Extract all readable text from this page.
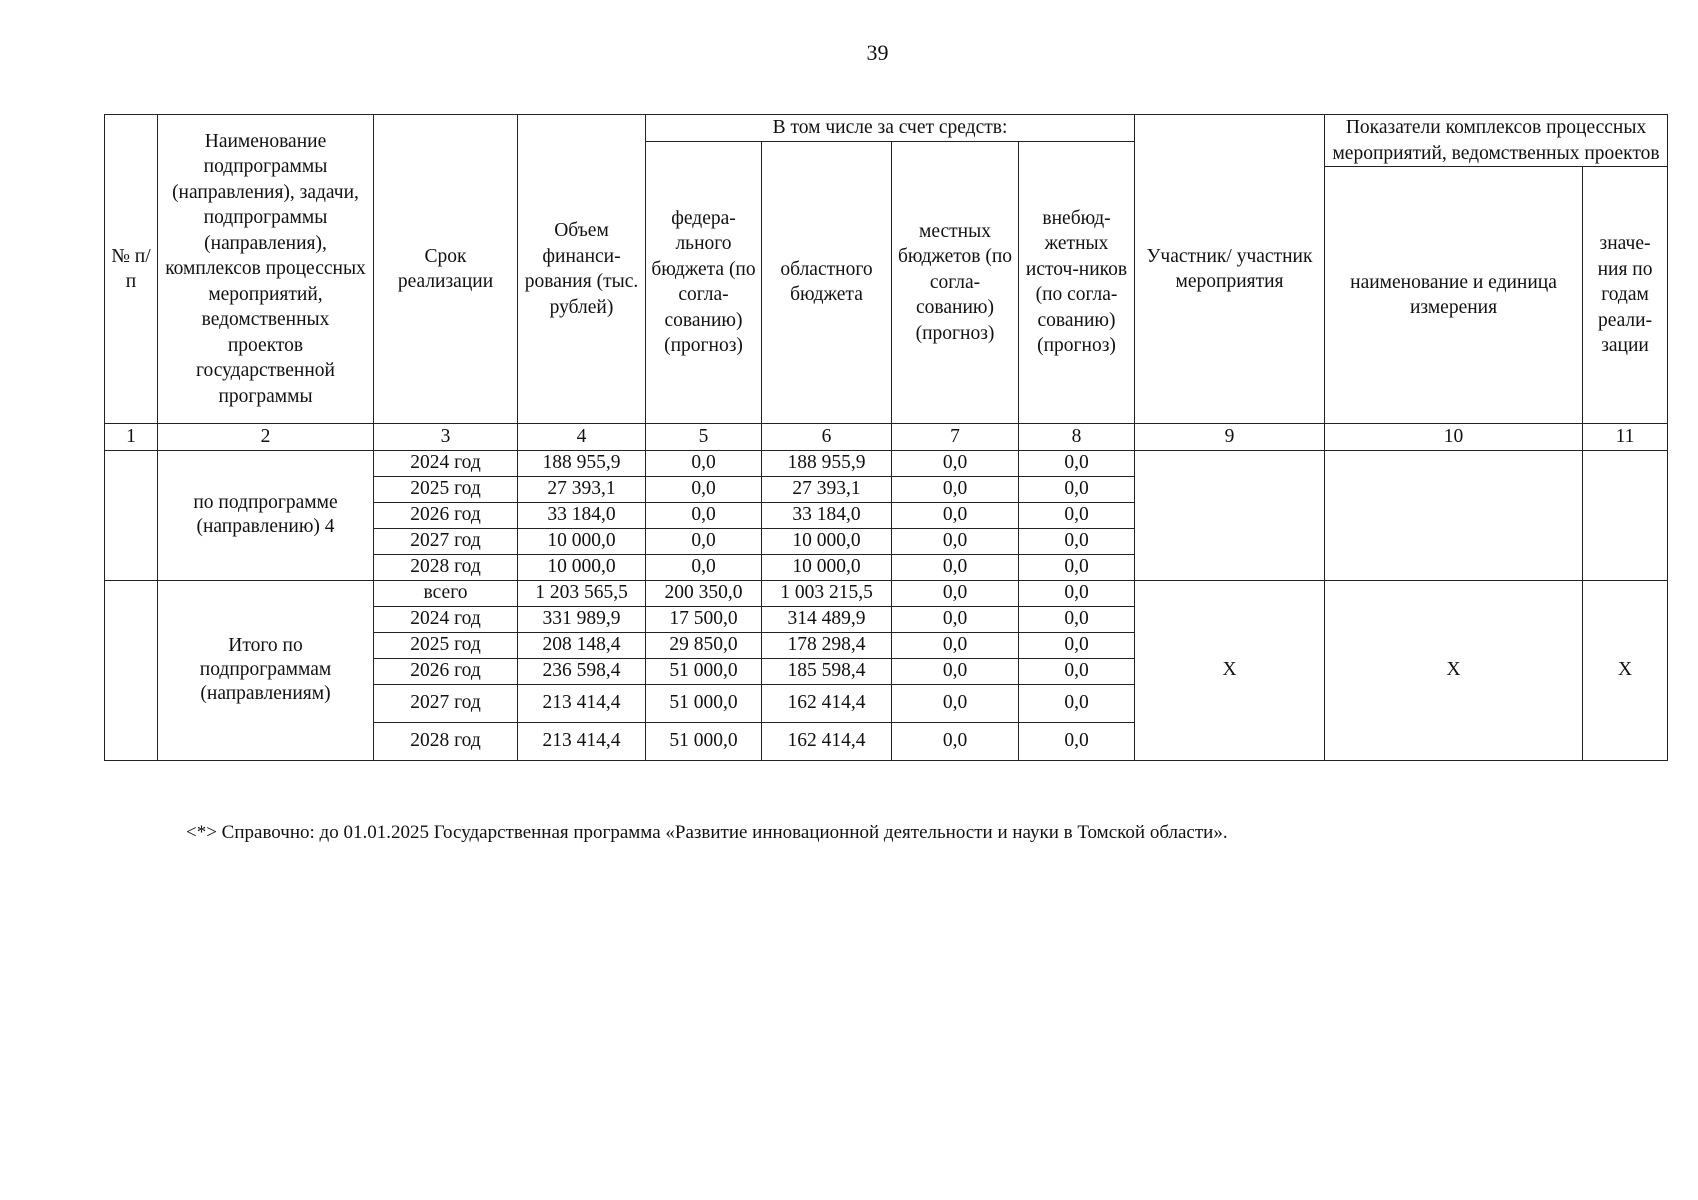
39
№ п/п	Наименование подпрограммы (направления), задачи, подпрограммы (направления), комплексов процессных мероприятий, ведомственных проектов государственной программы	Срок реализации	Объем финанси-рования (тыс. рублей)	В том числе за счет средств:				Участник/ участник мероприятия	Показатели комплексов процессных мероприятий, ведомственных проектов	
				федера-льного бюджета (по согла-сованию) (прогноз)	областного бюджета	местных бюджетов (по согла-сованию) (прогноз)	внебюд-жетных источ-ников (по согла-сованию) (прогноз)			
									наименование и единица измерения	значе-ния по годам реали-зации
1	2	3	4	5	6	7	8	9	10	11
	по подпрограмме (направлению) 4	2024 год	188 955,9	0,0	188 955,9	0,0	0,0			
		2025 год	27 393,1	0,0	27 393,1	0,0	0,0			
		2026 год	33 184,0	0,0	33 184,0	0,0	0,0			
		2027 год	10 000,0	0,0	10 000,0	0,0	0,0			
		2028 год	10 000,0	0,0	10 000,0	0,0	0,0			
	Итого по подпрограммам (направлениям)	всего	1 203 565,5	200 350,0	1 003 215,5	0,0	0,0	X	X	X
		2024 год	331 989,9	17 500,0	314 489,9	0,0	0,0			
		2025 год	208 148,4	29 850,0	178 298,4	0,0	0,0			
		2026 год	236 598,4	51 000,0	185 598,4	0,0	0,0			
		2027 год	213 414,4	51 000,0	162 414,4	0,0	0,0			
		2028 год	213 414,4	51 000,0	162 414,4	0,0	0,0			
<*> Справочно: до 01.01.2025 Государственная программа «Развитие инновационной деятельности и науки в Томской области».
